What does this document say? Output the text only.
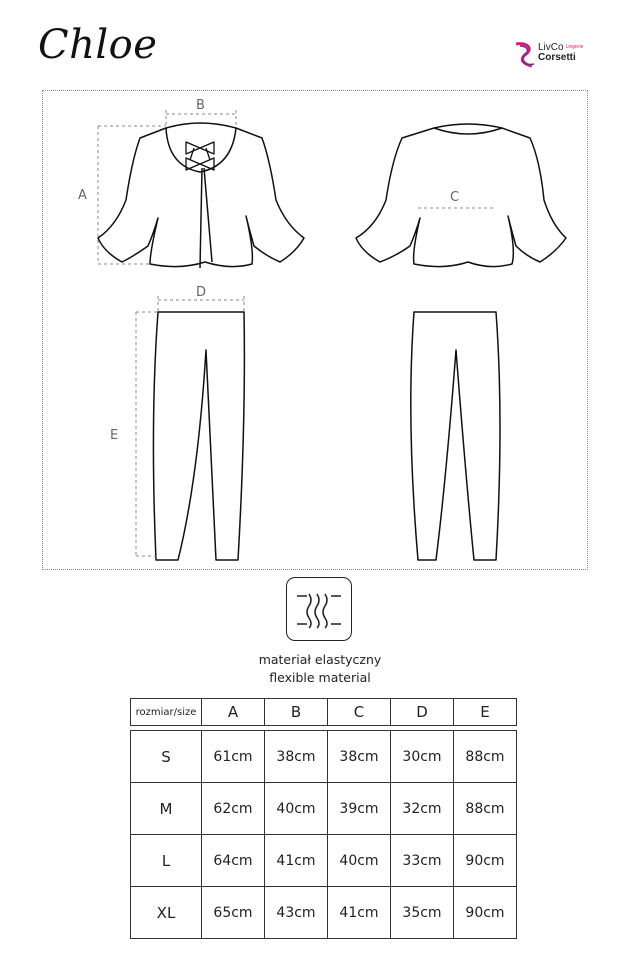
Chloe	LivCo Lingerie
Corsetti
A
B
C
D
E
materiał elastyczny
flexible material
rozmiar/size	A	B	C	D	E

S	61cm	38cm	38cm	30cm	88cm
M	62cm	40cm	39cm	32cm	88cm
L	64cm	41cm	40cm	33cm	90cm
XL	65cm	43cm	41cm	35cm	90cm
